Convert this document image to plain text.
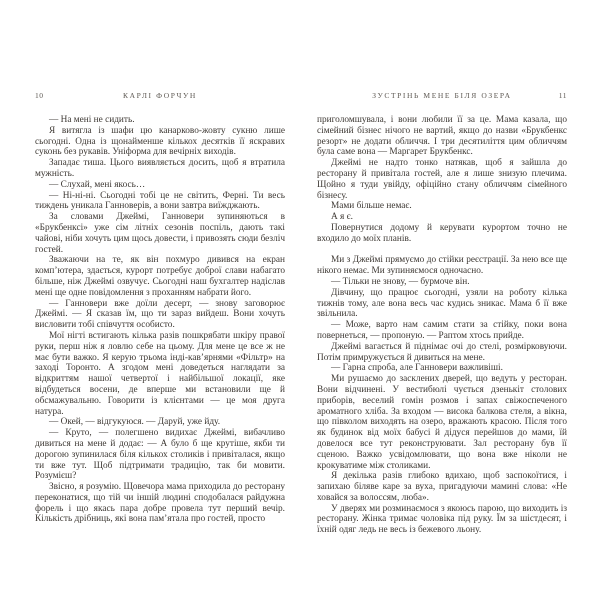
10	КАРЛІ ФОРЧУН

— На мені не сидить.

Я витягла із шафи цю канарково-жовту сукню лише сьогодні. Одна із щонайменше кількох десятків її яскравих суконь без рукавів. Уніформа для вечірніх виходів.

Западає тиша. Цього виявляється досить, щоб я втратила мужність.

— Слухай, мені якось…

— Ні-ні-ні. Сьогодні тобі це не світить, Ферні. Ти весь тиждень уникала Ганноверів, а вони завтра виїжджають.

За словами Джеймі, Ганновери зупиняються в «Брукбенксі» уже сім літніх сезонів поспіль, дають такі чайові, ніби хочуть цим щось довести, і привозять сюди безліч гостей.

Зважаючи на те, як він похмуро дивився на екран комп’ютера, здається, курорт потребує доброї слави набагато більше, ніж Джеймі озвучує. Сьогодні наш бухгалтер надіслав мені ще одне повідомлення з проханням набрати його.

— Ганновери вже доїли десерт, — знову заговорює Джеймі. — Я сказав їм, що ти зараз вийдеш. Вони хочуть висловити тобі співчуття особисто.

Мої нігті встигають кілька разів пошкрябати шкіру правої руки, перш ніж я ловлю себе на цьому. Для мене це все ж не має бути важко. Я керую трьома інді-кав’ярнями «Фільтр» на заході Торонто. А згодом мені доведеться наглядати за відкриттям нашої четвертої і найбільшої локації, яке відбудеться восени, де вперше ми встановили ще й обсмажувальню. Говорити із клієнтами — це моя друга натура.

— Окей, — відгукуюся. — Даруй, уже йду.

— Круто, — полегшено видихає Джеймі, вибачливо дивиться на мене й додає: — А було б ще крутіше, якби ти дорогою зупинилася біля кількох столиків і привіталася, якщо ти вже тут. Щоб підтримати традицію, так би мовити. Розумієш?

Звісно, я розумію. Щовечора мама приходила до ресторану переконатися, що тій чи іншій людині сподобалася райдужна форель і що якась пара добре провела тут перший вечір. Кількість дрібниць, які вона пам’ятала про гостей, просто

ЗУСТРІНЬ МЕНЕ БІЛЯ ОЗЕРА	11

приголомшувала, і вони любили її за це. Мама казала, що сімейний бізнес нічого не вартий, якщо до назви «Брукбенкс резорт» не додати обличчя. І три десятиліття цим обличчям була саме вона — Маргарет Брукбенкс.

Джеймі не надто тонко натякав, щоб я зайшла до ресторану й привітала гостей, але я лише знизую плечима. Щойно я туди увійду, офіційно стану обличчям сімейного бізнесу.

Мами більше немає.

А я є.

Повернутися додому й керувати курортом точно не входило до моїх планів.

Ми з Джеймі прямуємо до стійки реєстрації. За нею все ще нікого немає. Ми зупиняємося одночасно.

— Тільки не знову, — бурмоче він.

Дівчину, що працює сьогодні, узяли на роботу кілька тижнів тому, але вона весь час кудись зникає. Мама б її вже звільнила.

— Може, варто нам самим стати за стійку, поки вона повернеться, — пропоную. — Раптом хтось прийде.

Джеймі вагається й піднімає очі до стелі, розмірковуючи. Потім примружується й дивиться на мене.

— Гарна спроба, але Ганновери важливіші.

Ми рушаємо до засклених дверей, що ведуть у ресторан. Вони відчинені. У вестибюлі чується дзенькіт столових приборів, веселий гомін розмов і запах свіжоспеченого ароматного хліба. За входом — висока балкова стеля, а вікна, що півколом виходять на озеро, вражають красою. Після того як будинок від моїх бабусі й дідуся перейшов до мами, їй довелося все тут реконструювати. Зал ресторану був її сценою. Важко усвідомлювати, що вона вже ніколи не крокуватиме між столиками.

Я декілька разів глибоко вдихаю, щоб заспокоїтися, і запихаю біляве каре за вуха, пригадуючи мамині слова: «Не ховайся за волоссям, люба».

У дверях ми розминаємося з якоюсь парою, що виходить із ресторану. Жінка тримає чоловіка під руку. Їм за шістдесят, і їхній одяг ледь не весь із бежевого льону.
